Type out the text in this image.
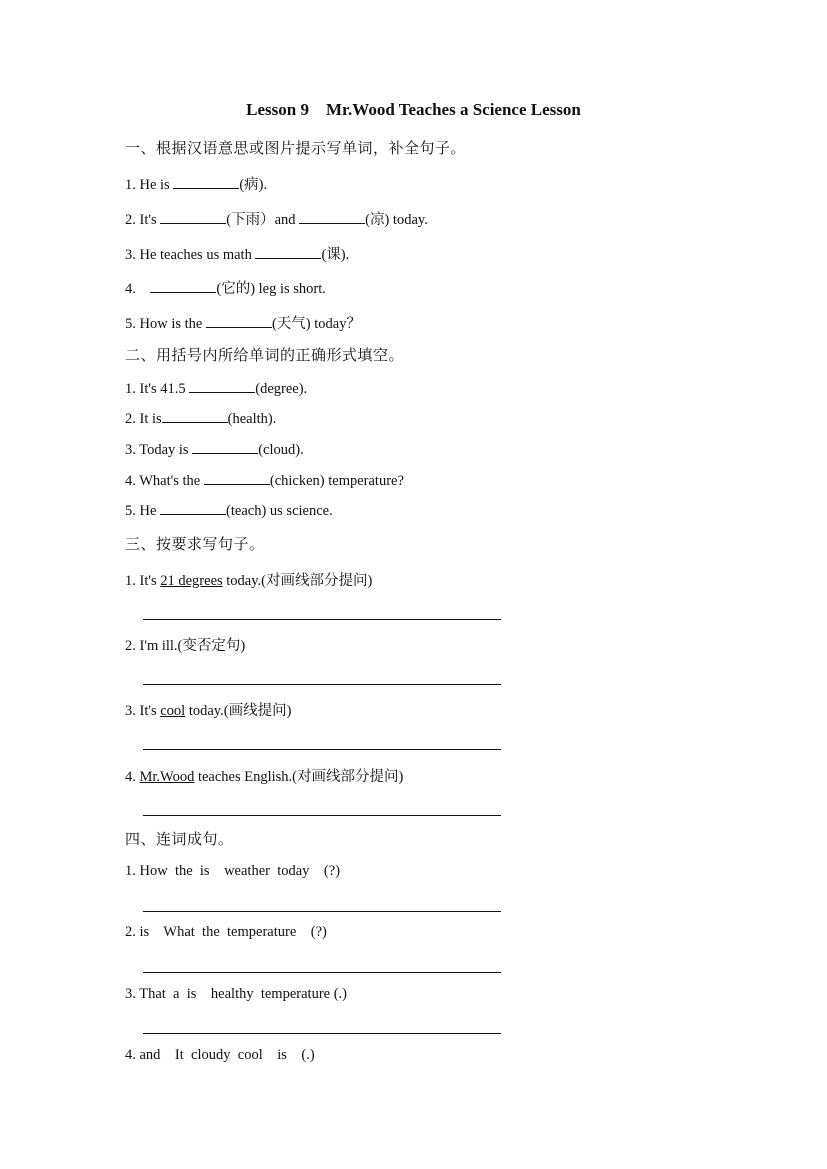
Lesson 9    Mr.Wood Teaches a Science Lesson
一、根据汉语意思或图片提示写单词，补全句子。
1. He is	(病).
2. It's	(下雨）and	(凉) today.
3. He teaches us math	(课).
4.	(它的) leg is short.
5. How is the	(天气) today？
二、用括号内所给单词的正确形式填空。
1. It's 41.5	(degree).
2. It is	(health).
3. Today is	(cloud).
4. What's the	(chicken) temperature?
5. He	(teach) us science.
三、按要求写句子。
1. It's 21 degrees today.(对画线部分提问)
2. I'm ill.(变否定句)
3. It's cool today.(画线提问)
4. Mr.Wood teaches English.(对画线部分提问)
四、连词成句。
1. How  the  is    weather  today    (?)
2. is    What  the  temperature    (?)
3. That  a  is    healthy  temperature (.)
4. and    It  cloudy  cool    is    (.)
